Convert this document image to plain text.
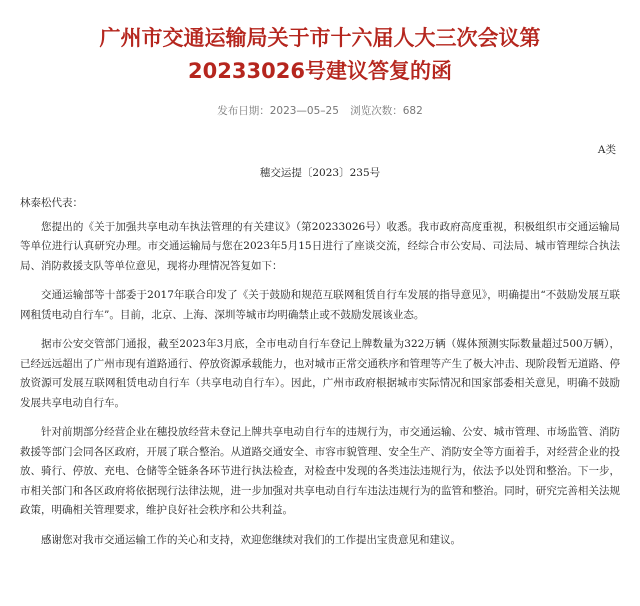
广州市交通运输局关于市十六届人大三次会议第
20233026号建议答复的函
发布日期：2023—05–25 浏览次数：682
A类
穗交运提〔2023〕235号

林泰松代表：

您提出的《关于加强共享电动车执法管理的有关建议》（第20233026号）收悉。我市政府高度重视，积极组织市交通运输局等单位进行认真研究办理。市交通运输局与您在2023年5月15日进行了座谈交流，经综合市公安局、司法局、城市管理综合执法局、消防救援支队等单位意见，现将办理情况答复如下：

交通运输部等十部委于2017年联合印发了《关于鼓励和规范互联网租赁自行车发展的指导意见》，明确提出“不鼓励发展互联网租赁电动自行车”。目前，北京、上海、深圳等城市均明确禁止或不鼓励发展该业态。

据市公安交管部门通报，截至2023年3月底，全市电动自行车登记上牌数量为322万辆（媒体预测实际数量超过500万辆），已经远远超出了广州市现有道路通行、停放资源承载能力，也对城市正常交通秩序和管理等产生了极大冲击、现阶段暂无道路、停放资源可发展互联网租赁电动自行车（共享电动自行车）。因此，广州市政府根据城市实际情况和国家部委相关意见，明确不鼓励发展共享电动自行车。

针对前期部分经营企业在穗投放经营未登记上牌共享电动自行车的违规行为，市交通运输、公安、城市管理、市场监管、消防救援等部门会同各区政府，开展了联合整治。从道路交通安全、市容市貌管理、安全生产、消防安全等方面着手，对经营企业的投放、骑行、停放、充电、仓储等全链条各环节进行执法检查，对检查中发现的各类违法违规行为，依法予以处罚和整治。下一步，市相关部门和各区政府将依据现行法律法规，进一步加强对共享电动自行车违法违规行为的监管和整治。同时，研究完善相关法规政策，明确相关管理要求，维护良好社会秩序和公共利益。

感谢您对我市交通运输工作的关心和支持，欢迎您继续对我们的工作提出宝贵意见和建议。
